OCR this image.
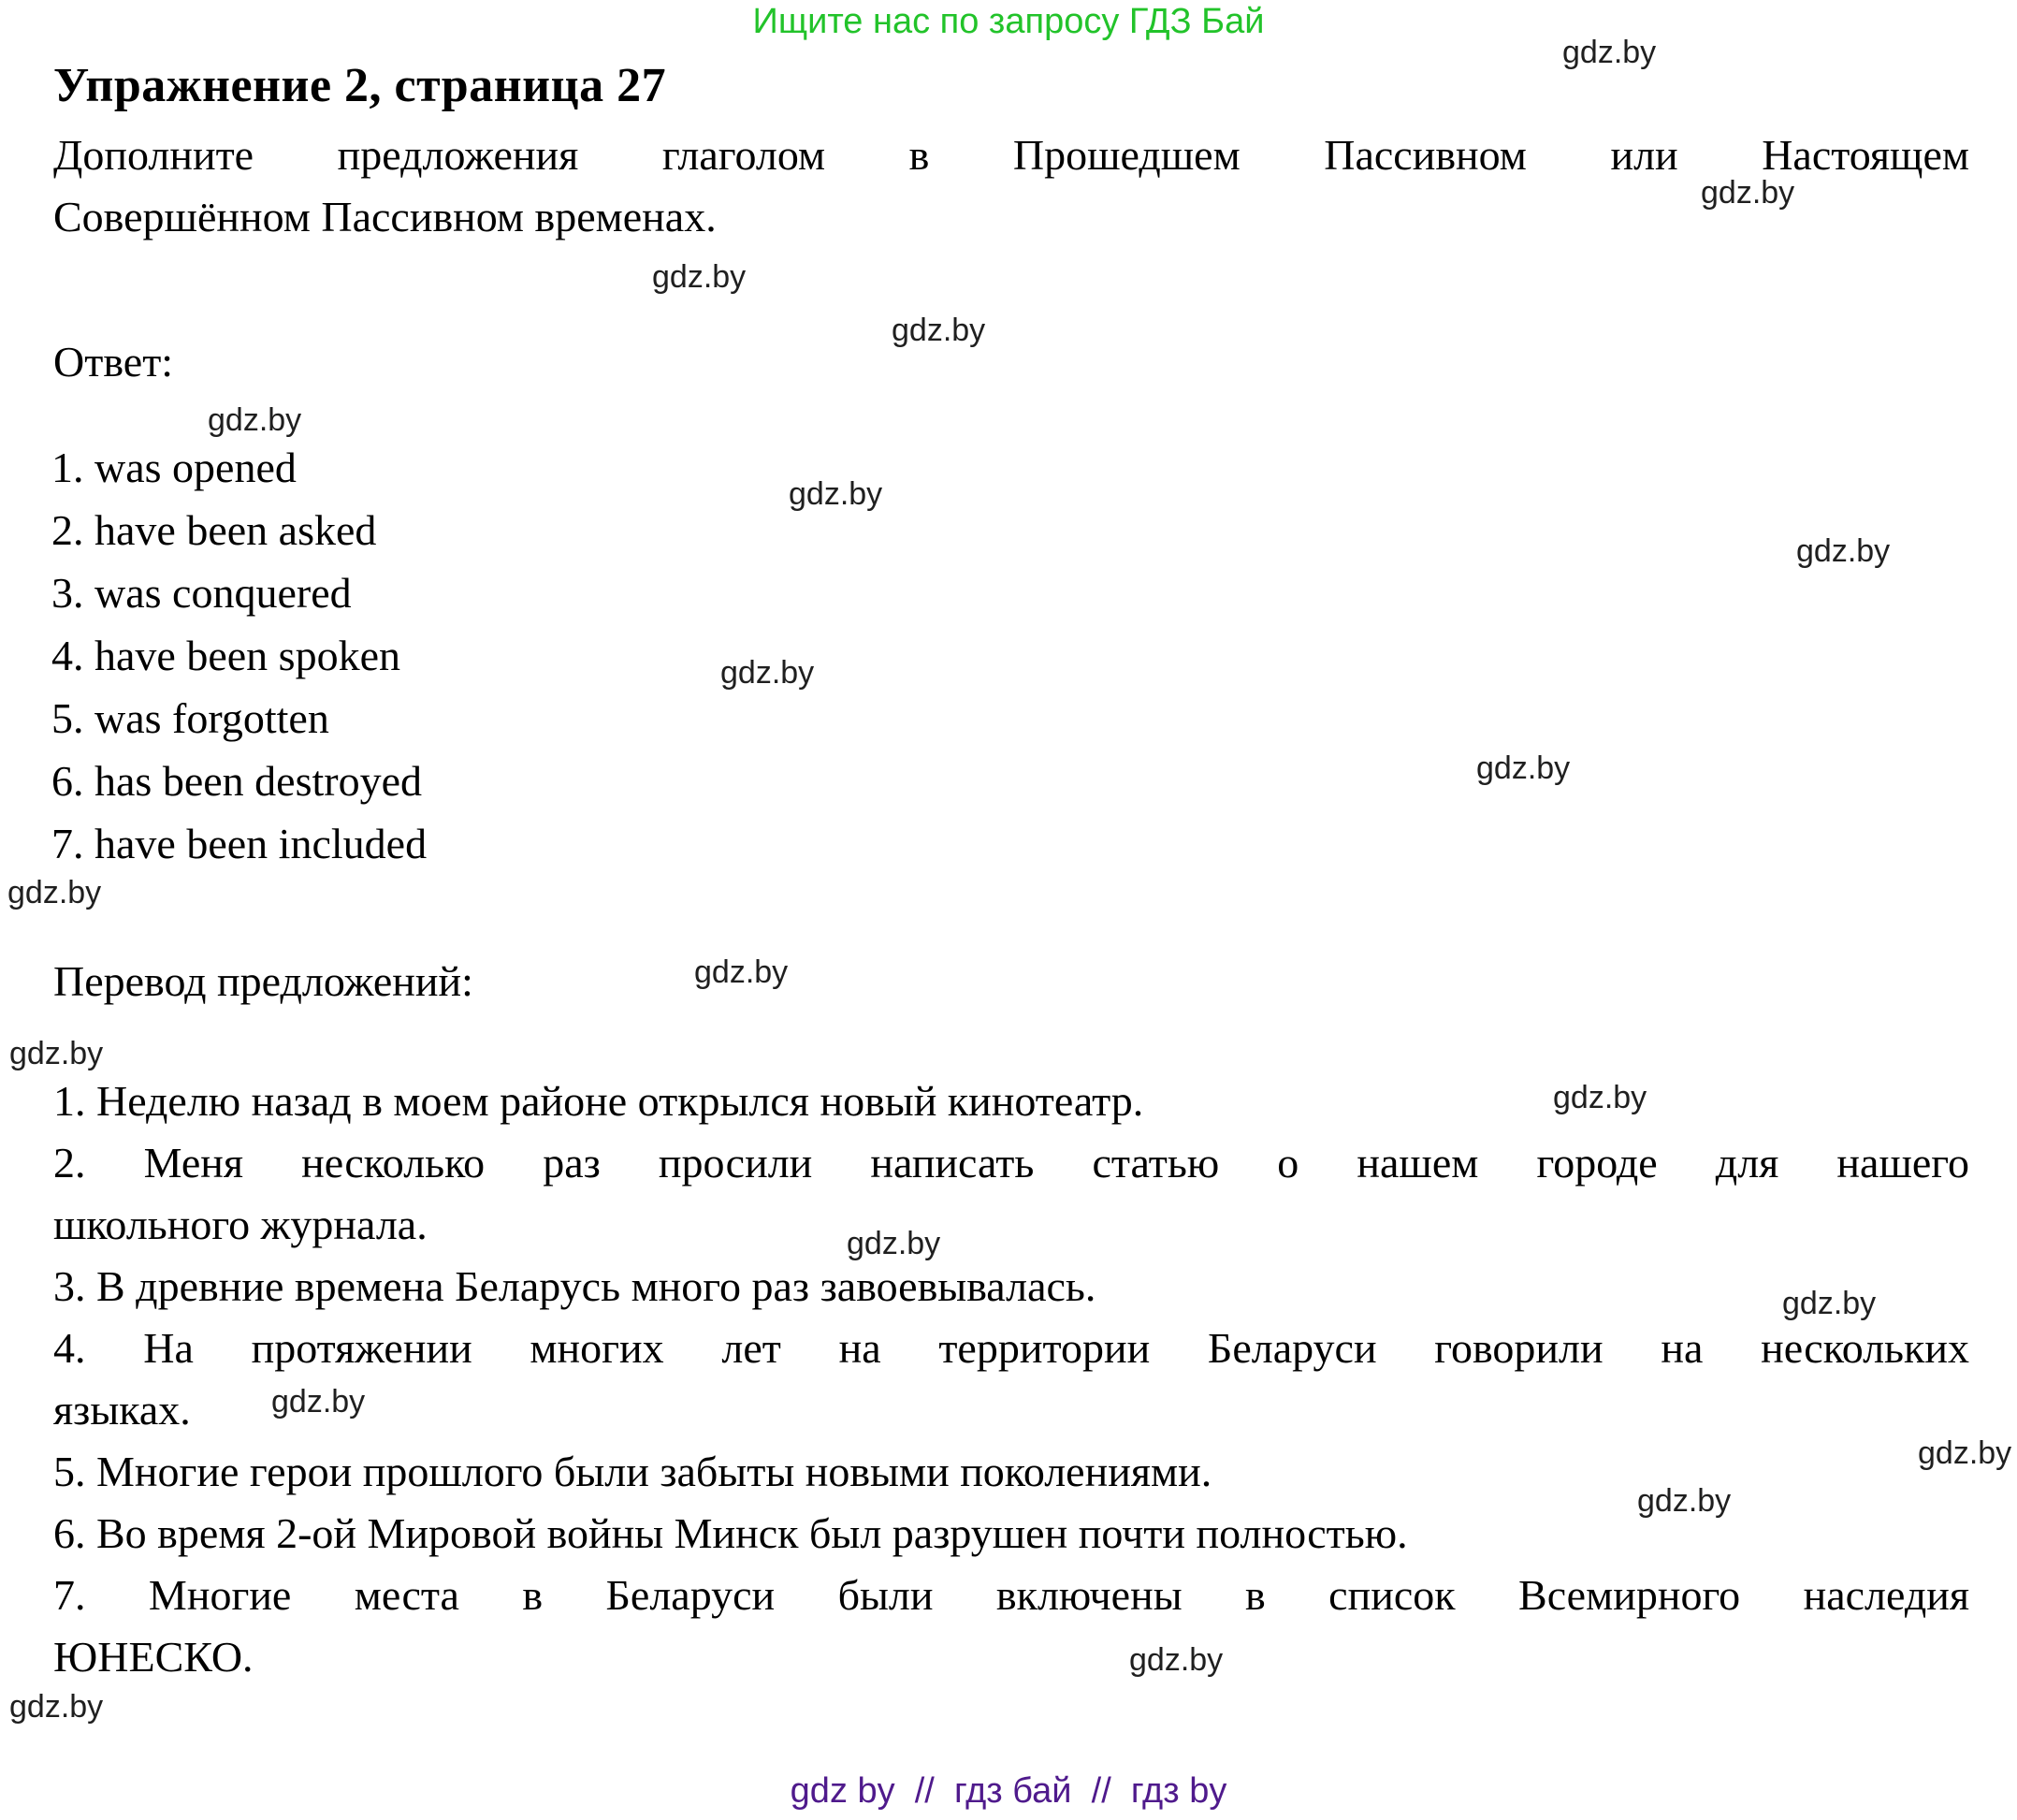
Ищите нас по запросу ГДЗ Бай
Упражнение 2, страница 27
Дополните предложения глаголом в Прошедшем Пассивном или Настоящем
Совершённом Пассивном временах.
Ответ:
1. was opened
2. have been asked
3. was conquered
4. have been spoken
5. was forgotten
6. has been destroyed
7. have been included
Перевод предложений:
1. Неделю назад в моем районе открылся новый кинотеатр.
2. Меня несколько раз просили написать статью о нашем городе для нашего
школьного журнала.
3. В древние времена Беларусь много раз завоевывалась.
4. На протяжении многих лет на территории Беларуси говорили на нескольких
языках.
5. Многие герои прошлого были забыты новыми поколениями.
6. Во время 2-ой Мировой войны Минск был разрушен почти полностью.
7. Многие места в Беларуси были включены в список Всемирного наследия
ЮНЕСКО.
gdz by  //  гдз бай  //  гдз by
gdz.by
gdz.by
gdz.by
gdz.by
gdz.by
gdz.by
gdz.by
gdz.by
gdz.by
gdz.by
gdz.by
gdz.by
gdz.by
gdz.by
gdz.by
gdz.by
gdz.by
gdz.by
gdz.by
gdz.by
